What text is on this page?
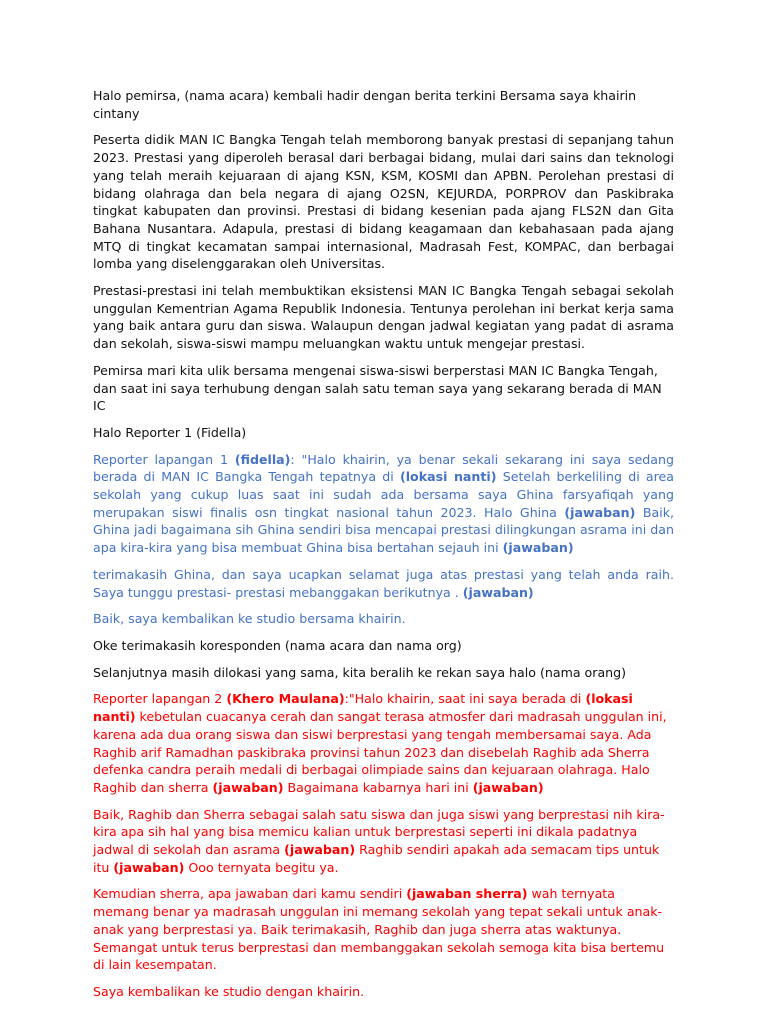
Halo pemirsa, (nama acara) kembali hadir dengan berita terkini Bersama saya khairin cintany

Peserta didik MAN IC Bangka Tengah telah memborong banyak prestasi di sepanjang tahun 2023. Prestasi yang diperoleh berasal dari berbagai bidang, mulai dari sains dan teknologi yang telah meraih kejuaraan di ajang KSN, KSM, KOSMI dan APBN. Perolehan prestasi di bidang olahraga dan bela negara di ajang O2SN, KEJURDA, PORPROV dan Paskibraka tingkat kabupaten dan provinsi. Prestasi di bidang kesenian pada ajang FLS2N dan Gita Bahana Nusantara. Adapula, prestasi di bidang keagamaan dan kebahasaan pada ajang MTQ di tingkat kecamatan sampai internasional, Madrasah Fest, KOMPAC, dan berbagai lomba yang diselenggarakan oleh Universitas.

Prestasi-prestasi ini telah membuktikan eksistensi MAN IC Bangka Tengah sebagai sekolah unggulan Kementrian Agama Republik Indonesia. Tentunya perolehan ini berkat kerja sama yang baik antara guru dan siswa. Walaupun dengan jadwal kegiatan yang padat di asrama dan sekolah, siswa-siswi mampu meluangkan waktu untuk mengejar prestasi.

Pemirsa mari kita ulik bersama mengenai siswa-siswi berperstasi MAN IC Bangka Tengah, dan saat ini saya terhubung dengan salah satu teman saya yang sekarang berada di MAN IC

Halo Reporter 1 (Fidella)

Reporter lapangan 1 (fidella): "Halo khairin, ya benar sekali sekarang ini saya sedang berada di MAN IC Bangka Tengah tepatnya di (lokasi nanti) Setelah berkeliling di area sekolah yang cukup luas saat ini sudah ada bersama saya Ghina farsyafiqah yang merupakan siswi finalis osn tingkat nasional tahun 2023. Halo Ghina (jawaban) Baik, Ghina jadi bagaimana sih Ghina sendiri bisa mencapai prestasi dilingkungan asrama ini dan apa kira-kira yang bisa membuat Ghina bisa bertahan sejauh ini (jawaban)

terimakasih Ghina, dan saya ucapkan selamat juga atas prestasi yang telah anda raih. Saya tunggu prestasi- prestasi mebanggakan berikutnya . (jawaban)

Baik, saya kembalikan ke studio bersama khairin.

Oke terimakasih koresponden (nama acara dan nama org)

Selanjutnya masih dilokasi yang sama, kita beralih ke rekan saya halo (nama orang)

Reporter lapangan 2 (Khero Maulana):"Halo khairin, saat ini saya berada di (lokasi nanti) kebetulan cuacanya cerah dan sangat terasa atmosfer dari madrasah unggulan ini, karena ada dua orang siswa dan siswi berprestasi yang tengah membersamai saya. Ada Raghib arif Ramadhan paskibraka provinsi tahun 2023 dan disebelah Raghib ada Sherra defenka candra peraih medali di berbagai olimpiade sains dan kejuaraan olahraga. Halo Raghib dan sherra (jawaban) Bagaimana kabarnya hari ini (jawaban)

Baik, Raghib dan Sherra sebagai salah satu siswa dan juga siswi yang berprestasi nih kira- kira apa sih hal yang bisa memicu kalian untuk berprestasi seperti ini dikala padatnya jadwal di sekolah dan asrama (jawaban) Raghib sendiri apakah ada semacam tips untuk itu (jawaban) Ooo ternyata begitu ya.

Kemudian sherra, apa jawaban dari kamu sendiri (jawaban sherra) wah ternyata memang benar ya madrasah unggulan ini memang sekolah yang tepat sekali untuk anak-anak yang berprestasi ya. Baik terimakasih, Raghib dan juga sherra atas waktunya. Semangat untuk terus berprestasi dan membanggakan sekolah semoga kita bisa bertemu di lain kesempatan.

Saya kembalikan ke studio dengan khairin.
